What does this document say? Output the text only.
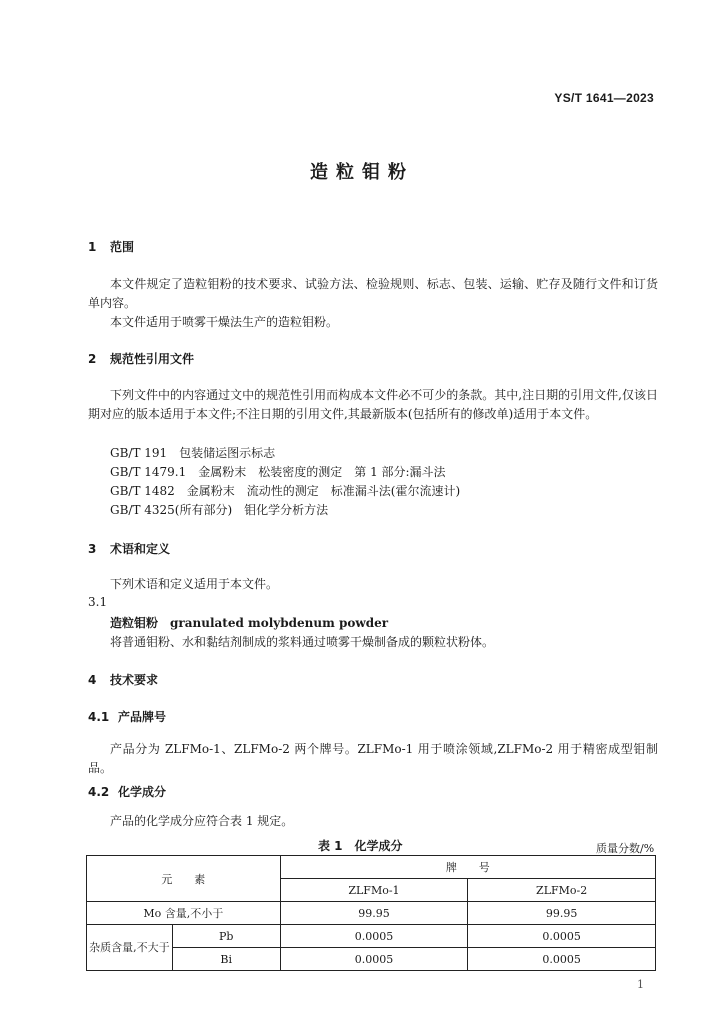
YS/T 1641—2023
造粒钼粉
1 范围
本文件规定了造粒钼粉的技术要求、试验方法、检验规则、标志、包装、运输、贮存及随行文件和订货单内容。
本文件适用于喷雾干燥法生产的造粒钼粉。
2 规范性引用文件
下列文件中的内容通过文中的规范性引用而构成本文件必不可少的条款。其中,注日期的引用文件,仅该日期对应的版本适用于本文件;不注日期的引用文件,其最新版本(包括所有的修改单)适用于本文件。
GB/T 191　包装储运图示标志
GB/T 1479.1　金属粉末　松装密度的测定　第 1 部分:漏斗法
GB/T 1482　金属粉末　流动性的测定　标准漏斗法(霍尔流速计)
GB/T 4325(所有部分)　钼化学分析方法
3 术语和定义
下列术语和定义适用于本文件。
3.1
造粒钼粉　granulated molybdenum powder
将普通钼粉、水和黏结剂制成的浆料通过喷雾干燥制备成的颗粒状粉体。
4 技术要求
4.1 产品牌号
产品分为 ZLFMo-1、ZLFMo-2 两个牌号。ZLFMo-1 用于喷涂领域,ZLFMo-2 用于精密成型钼制品。
4.2 化学成分
产品的化学成分应符合表 1 规定。
表 1　化学成分	质量分数/%
元　　素		牌　　号	
		ZLFMo-1	ZLFMo-2
Mo 含量,不小于		99.95	99.95
杂质含量,不大于	Pb	0.0005	0.0005
	Bi	0.0005	0.0005
1
